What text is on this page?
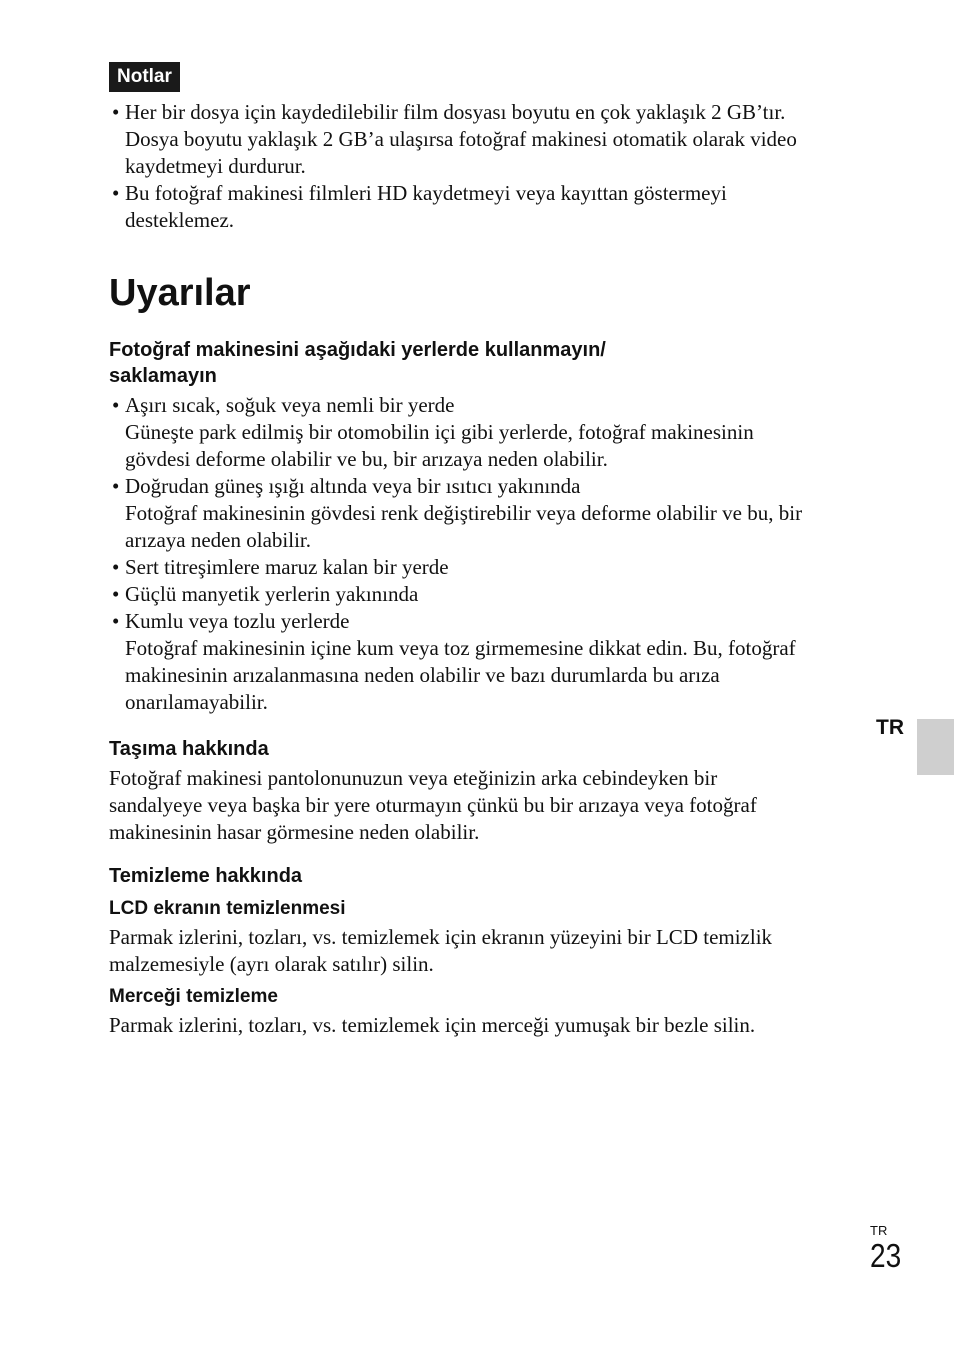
Notlar
• Her bir dosya için kaydedilebilir film dosyası boyutu en çok yaklaşık 2 GB’tır.
Dosya boyutu yaklaşık 2 GB’a ulaşırsa fotoğraf makinesi otomatik olarak video
kaydetmeyi durdurur.
• Bu fotoğraf makinesi filmleri HD kaydetmeyi veya kayıttan göstermeyi
desteklemez.
Uyarılar
Fotoğraf makinesini aşağıdaki yerlerde kullanmayın/
saklamayın
• Aşırı sıcak, soğuk veya nemli bir yerde
Güneşte park edilmiş bir otomobilin içi gibi yerlerde, fotoğraf makinesinin
gövdesi deforme olabilir ve bu, bir arızaya neden olabilir.
• Doğrudan güneş ışığı altında veya bir ısıtıcı yakınında
Fotoğraf makinesinin gövdesi renk değiştirebilir veya deforme olabilir ve bu, bir
arızaya neden olabilir.
• Sert titreşimlere maruz kalan bir yerde
• Güçlü manyetik yerlerin yakınında
• Kumlu veya tozlu yerlerde
Fotoğraf makinesinin içine kum veya toz girmemesine dikkat edin. Bu, fotoğraf
makinesinin arızalanmasına neden olabilir ve bazı durumlarda bu arıza
onarılamayabilir.
Taşıma hakkında

Fotoğraf makinesi pantolonunuzun veya eteğinizin arka cebindeyken bir
sandalyeye veya başka bir yere oturmayın çünkü bu bir arızaya veya fotoğraf
makinesinin hasar görmesine neden olabilir.

Temizleme hakkında
LCD ekranın temizlenmesi

Parmak izlerini, tozları, vs. temizlemek için ekranın yüzeyini bir LCD temizlik
malzemesiyle (ayrı olarak satılır) silin.

Merceği temizleme

Parmak izlerini, tozları, vs. temizlemek için merceği yumuşak bir bezle silin.

TR
TR
23
